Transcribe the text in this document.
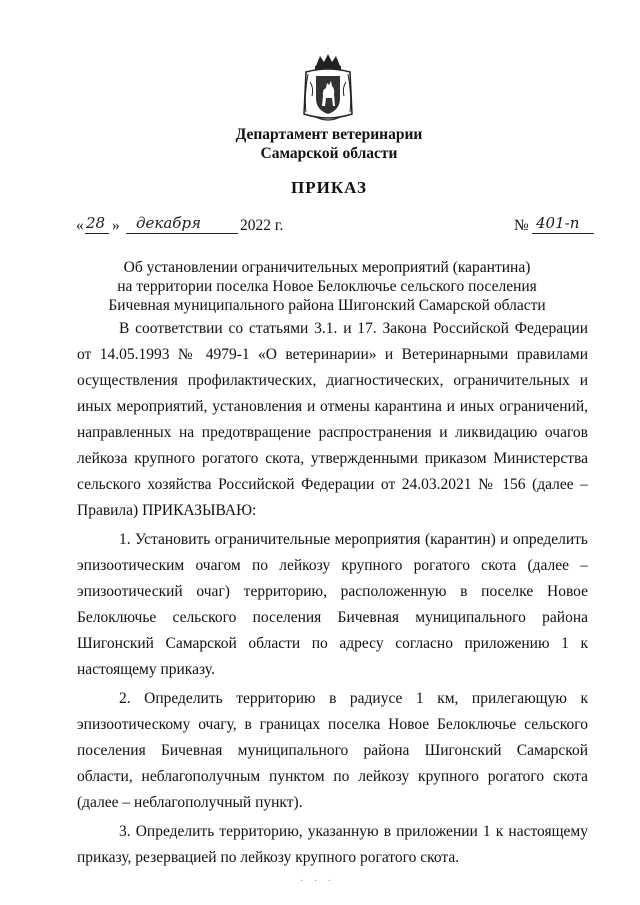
Департамент ветеринарии
Самарской области
ПРИКАЗ
« 28 » декабря	2022 г.	№ 401-п
Об установлении ограничительных мероприятий (карантина)
на территории поселка Новое Белоключье сельского поселения
Бичевная муниципального района Шигонский Самарской области

В соответствии со статьями 3.1. и 17. Закона Российской Федерации от 14.05.1993 № 4979-1 «О ветеринарии» и Ветеринарными правилами осуществления профилактических, диагностических, ограничительных и иных мероприятий, установления и отмены карантина и иных ограничений, направленных на предотвращение распространения и ликвидацию очагов лейкоза крупного рогатого скота, утвержденными приказом Министерства сельского хозяйства Российской Федерации от 24.03.2021 № 156 (далее – Правила) ПРИКАЗЫВАЮ:

1. Установить ограничительные мероприятия (карантин) и определить эпизоотическим очагом по лейкозу крупного рогатого скота (далее – эпизоотический очаг) территорию, расположенную в поселке Новое Белоключье сельского поселения Бичевная муниципального района Шигонский Самарской области по адресу согласно приложению 1 к настоящему приказу.

2. Определить территорию в радиусе 1 км, прилегающую к эпизоотическому очагу, в границах поселка Новое Белоключье сельского поселения Бичевная муниципального района Шигонский Самарской области, неблагополучным пунктом по лейкозу крупного рогатого скота (далее – неблагополучный пункт).

3. Определить территорию, указанную в приложении 1 к настоящему приказу, резервацией по лейкозу крупного рогатого скота.

· · ·
